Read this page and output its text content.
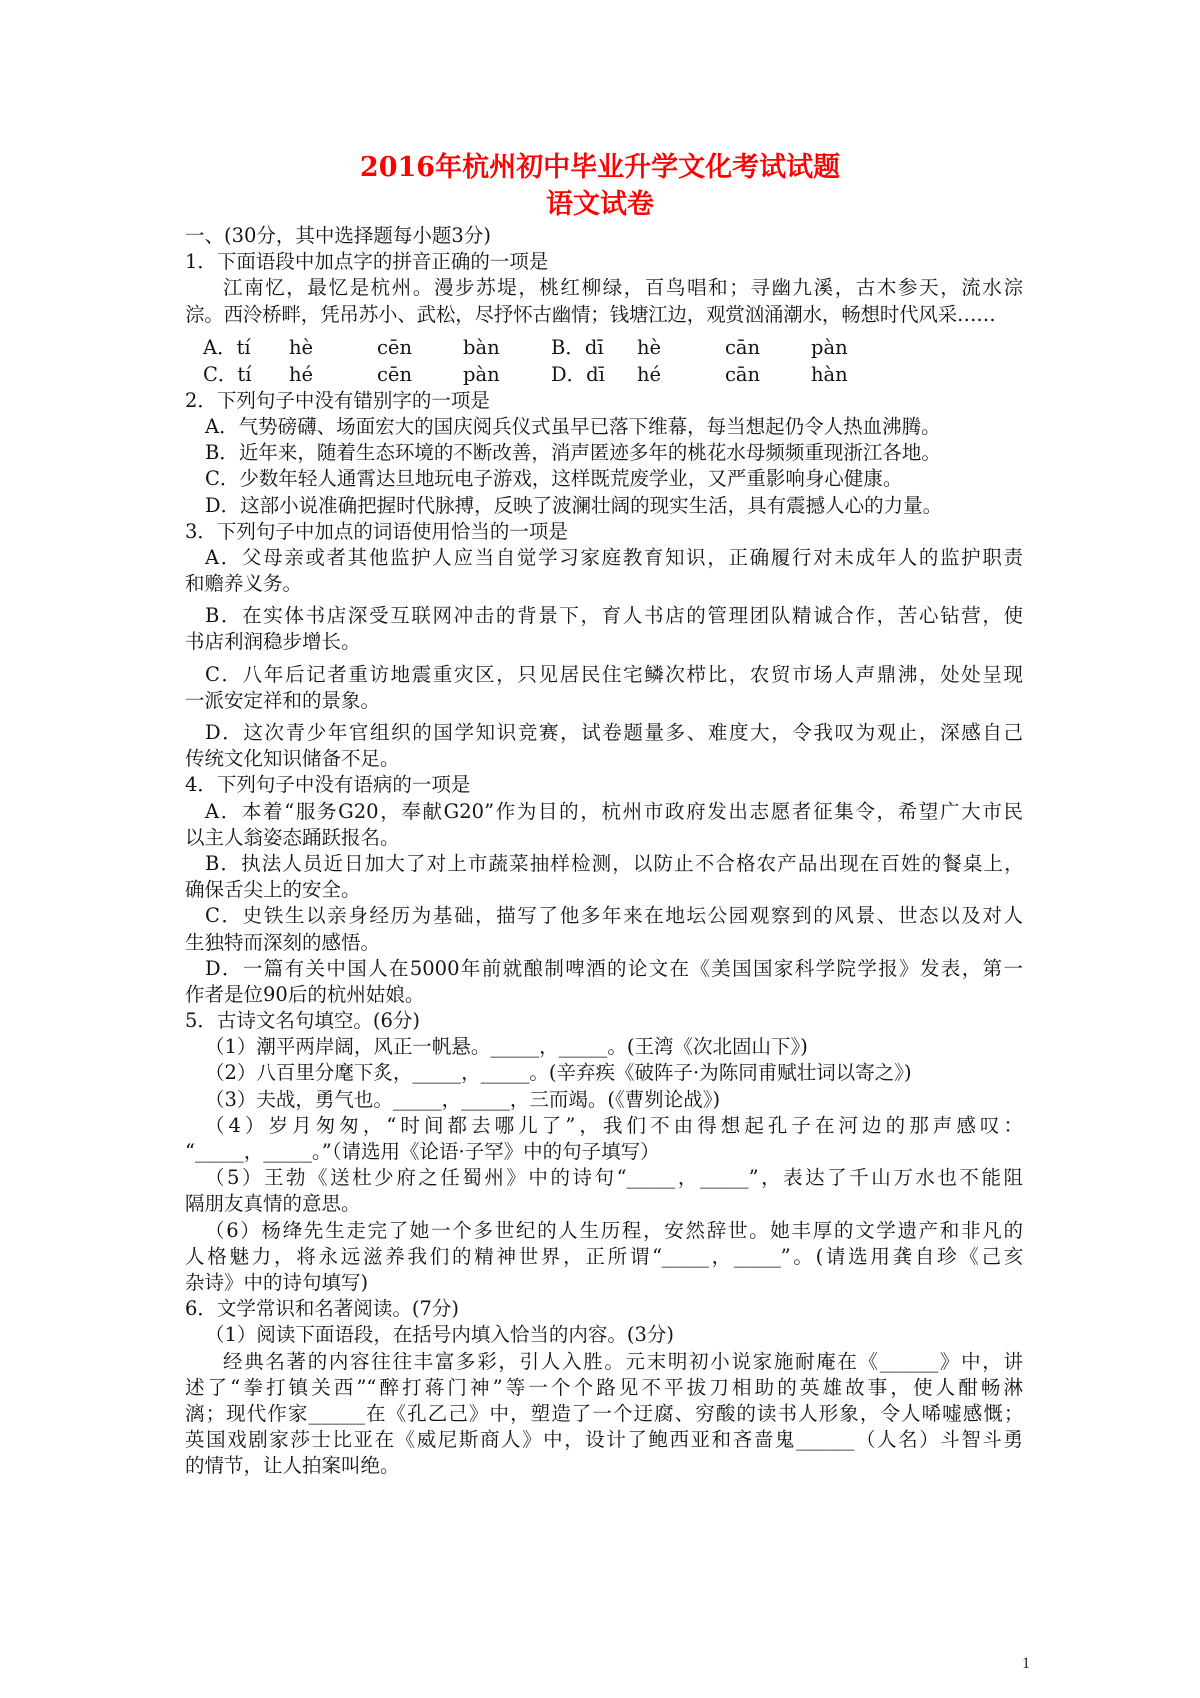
2016年杭州初中毕业升学文化考试试题
语文试卷
一、(30分，其中选择题每小题3分)
1．下面语段中加点字的拼音正确的一项是
江南忆，最忆是杭州。漫步苏堤，桃红柳绿，百鸟唱和；寻幽九溪，古木参天，流水淙
淙。西泠桥畔，凭吊苏小、武松，尽抒怀古幽情；钱塘江边，观赏汹涌潮水，畅想时代风采……
A．tí	hè	cēn	bàn	B．dī	hè	cān	pàn
C．tí	hé	cēn	pàn	D．dī	hé	cān	hàn
2．下列句子中没有错别字的一项是
A．气势磅礴、场面宏大的国庆阅兵仪式虽早已落下维幕，每当想起仍令人热血沸腾。
B．近年来，随着生态环境的不断改善，消声匿迹多年的桃花水母频频重现浙江各地。
C．少数年轻人通霄达旦地玩电子游戏，这样既荒废学业，又严重影响身心健康。
D．这部小说准确把握时代脉搏，反映了波澜壮阔的现实生活，具有震撼人心的力量。
3．下列句子中加点的词语使用恰当的一项是
A．父母亲或者其他监护人应当自觉学习家庭教育知识，正确履行对未成年人的监护职责
和赡养义务。
B．在实体书店深受互联网冲击的背景下，育人书店的管理团队精诚合作，苦心钻营，使
书店利润稳步增长。
C．八年后记者重访地震重灾区，只见居民住宅鳞次栉比，农贸市场人声鼎沸，处处呈现
一派安定祥和的景象。
D．这次青少年官组织的国学知识竞赛，试卷题量多、难度大，令我叹为观止，深感自己
传统文化知识储备不足。
4．下列句子中没有语病的一项是
A．本着“服务G20，奉献G20”作为目的，杭州市政府发出志愿者征集令，希望广大市民
以主人翁姿态踊跃报名。
B．执法人员近日加大了对上市蔬菜抽样检测，以防止不合格农产品出现在百姓的餐桌上，
确保舌尖上的安全。
C．史铁生以亲身经历为基础，描写了他多年来在地坛公园观察到的风景、世态以及对人
生独特而深刻的感悟。
D．一篇有关中国人在5000年前就酿制啤酒的论文在《美国国家科学院学报》发表，第一
作者是位90后的杭州姑娘。
5．古诗文名句填空。(6分)
（1）潮平两岸阔，风正一帆悬。_____，_____。(王湾《次北固山下》)
（2）八百里分麾下炙，_____，_____。(辛弃疾《破阵子·为陈同甫赋壮词以寄之》)
（3）夫战，勇气也。_____，_____，三而竭。(《曹刿论战》)
（4）岁月匆匆，“时间都去哪儿了”，我们不由得想起孔子在河边的那声感叹：
“_____，_____。”（请选用《论语·子罕》中的句子填写）
（5）王勃《送杜少府之任蜀州》中的诗句“_____，_____”，表达了千山万水也不能阻
隔朋友真情的意思。
（6）杨绛先生走完了她一个多世纪的人生历程，安然辞世。她丰厚的文学遗产和非凡的
人格魅力，将永远滋养我们的精神世界，正所谓“_____，_____”。(请选用龚自珍《己亥
杂诗》中的诗句填写)
6．文学常识和名著阅读。(7分)
（1）阅读下面语段，在括号内填入恰当的内容。(3分)
经典名著的内容往往丰富多彩，引人入胜。元末明初小说家施耐庵在《______》中，讲
述了“拳打镇关西”“醉打蒋门神”等一个个路见不平拔刀相助的英雄故事，使人酣畅淋
漓；现代作家______在《孔乙己》中，塑造了一个迂腐、穷酸的读书人形象，令人唏嘘感慨；
英国戏剧家莎士比亚在《威尼斯商人》中，设计了鲍西亚和吝啬鬼______（人名）斗智斗勇
的情节，让人拍案叫绝。
1
